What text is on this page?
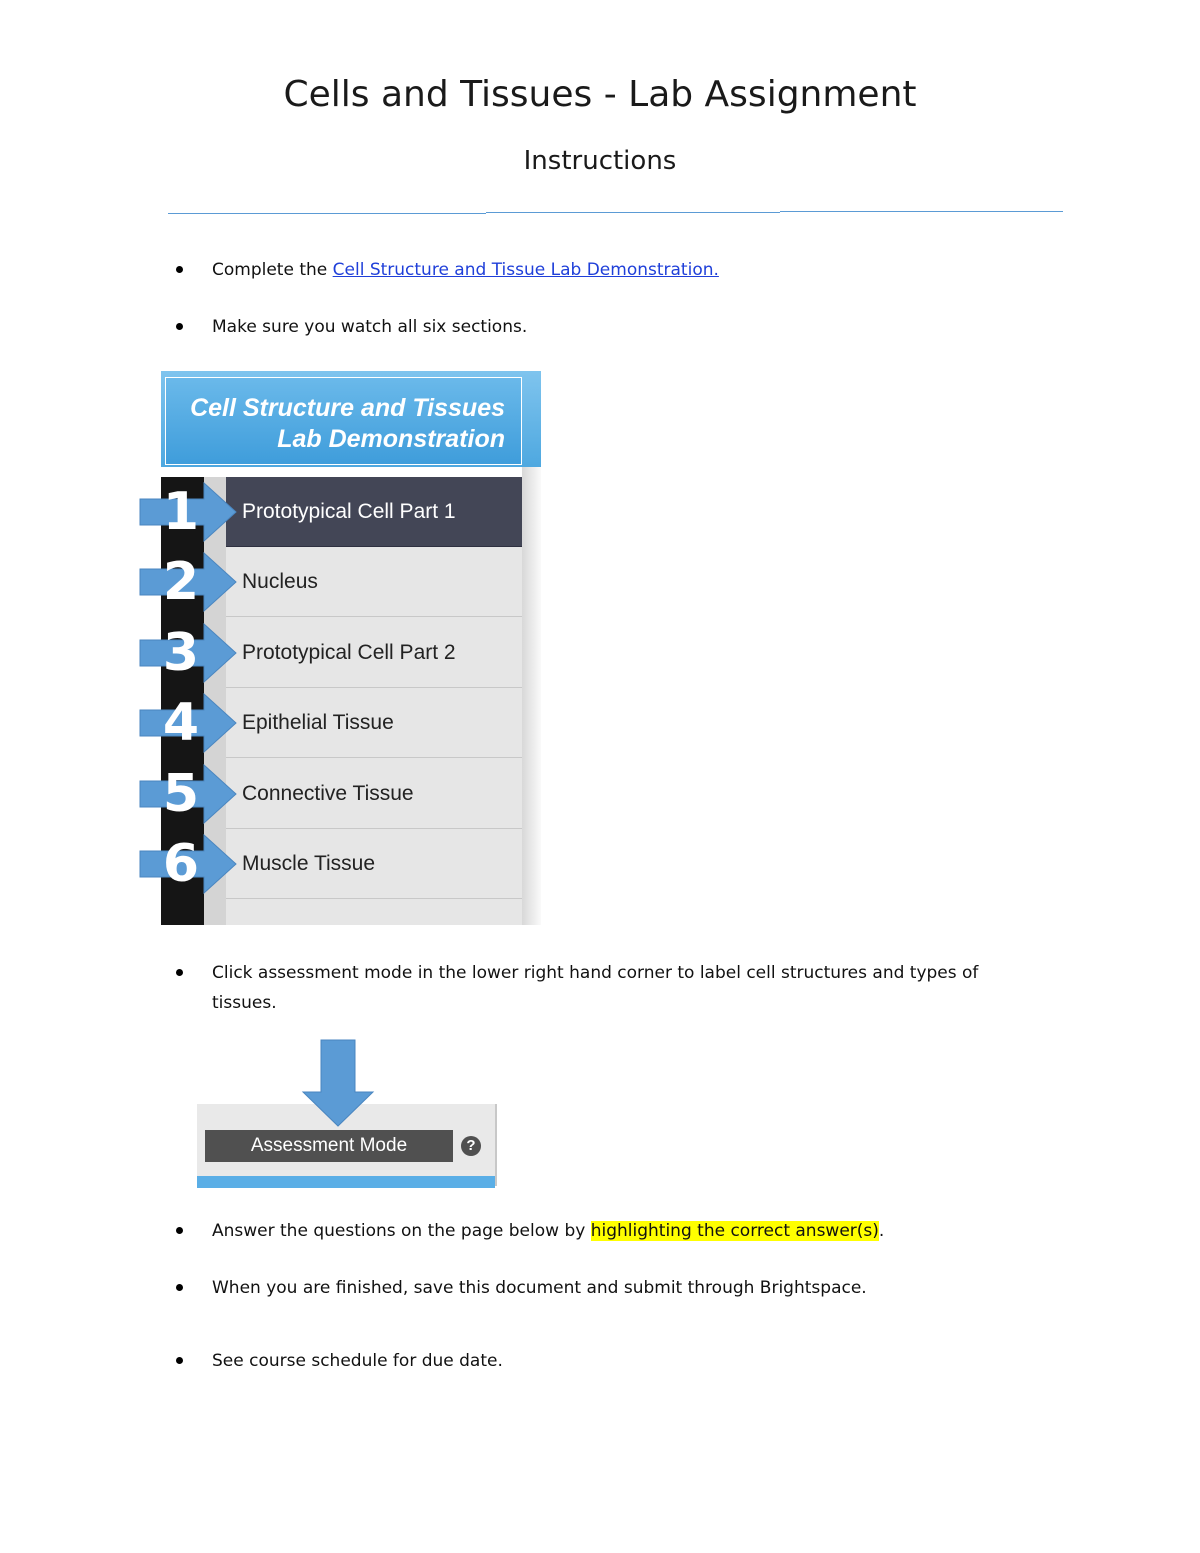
Cells and Tissues - Lab Assignment
Instructions
Complete the Cell Structure and Tissue Lab Demonstration.
Make sure you watch all six sections.
Cell Structure and Tissues
Lab Demonstration
Prototypical Cell Part 1
Nucleus
Prototypical Cell Part 2
Epithelial Tissue
Connective Tissue
Muscle Tissue
1
2
3
4
5
6
Click assessment mode in the lower right hand corner to label cell structures and types of
tissues.
Assessment Mode	?
Answer the questions on the page below by highlighting the correct answer(s).
When you are finished, save this document and submit through Brightspace.
See course schedule for due date.
